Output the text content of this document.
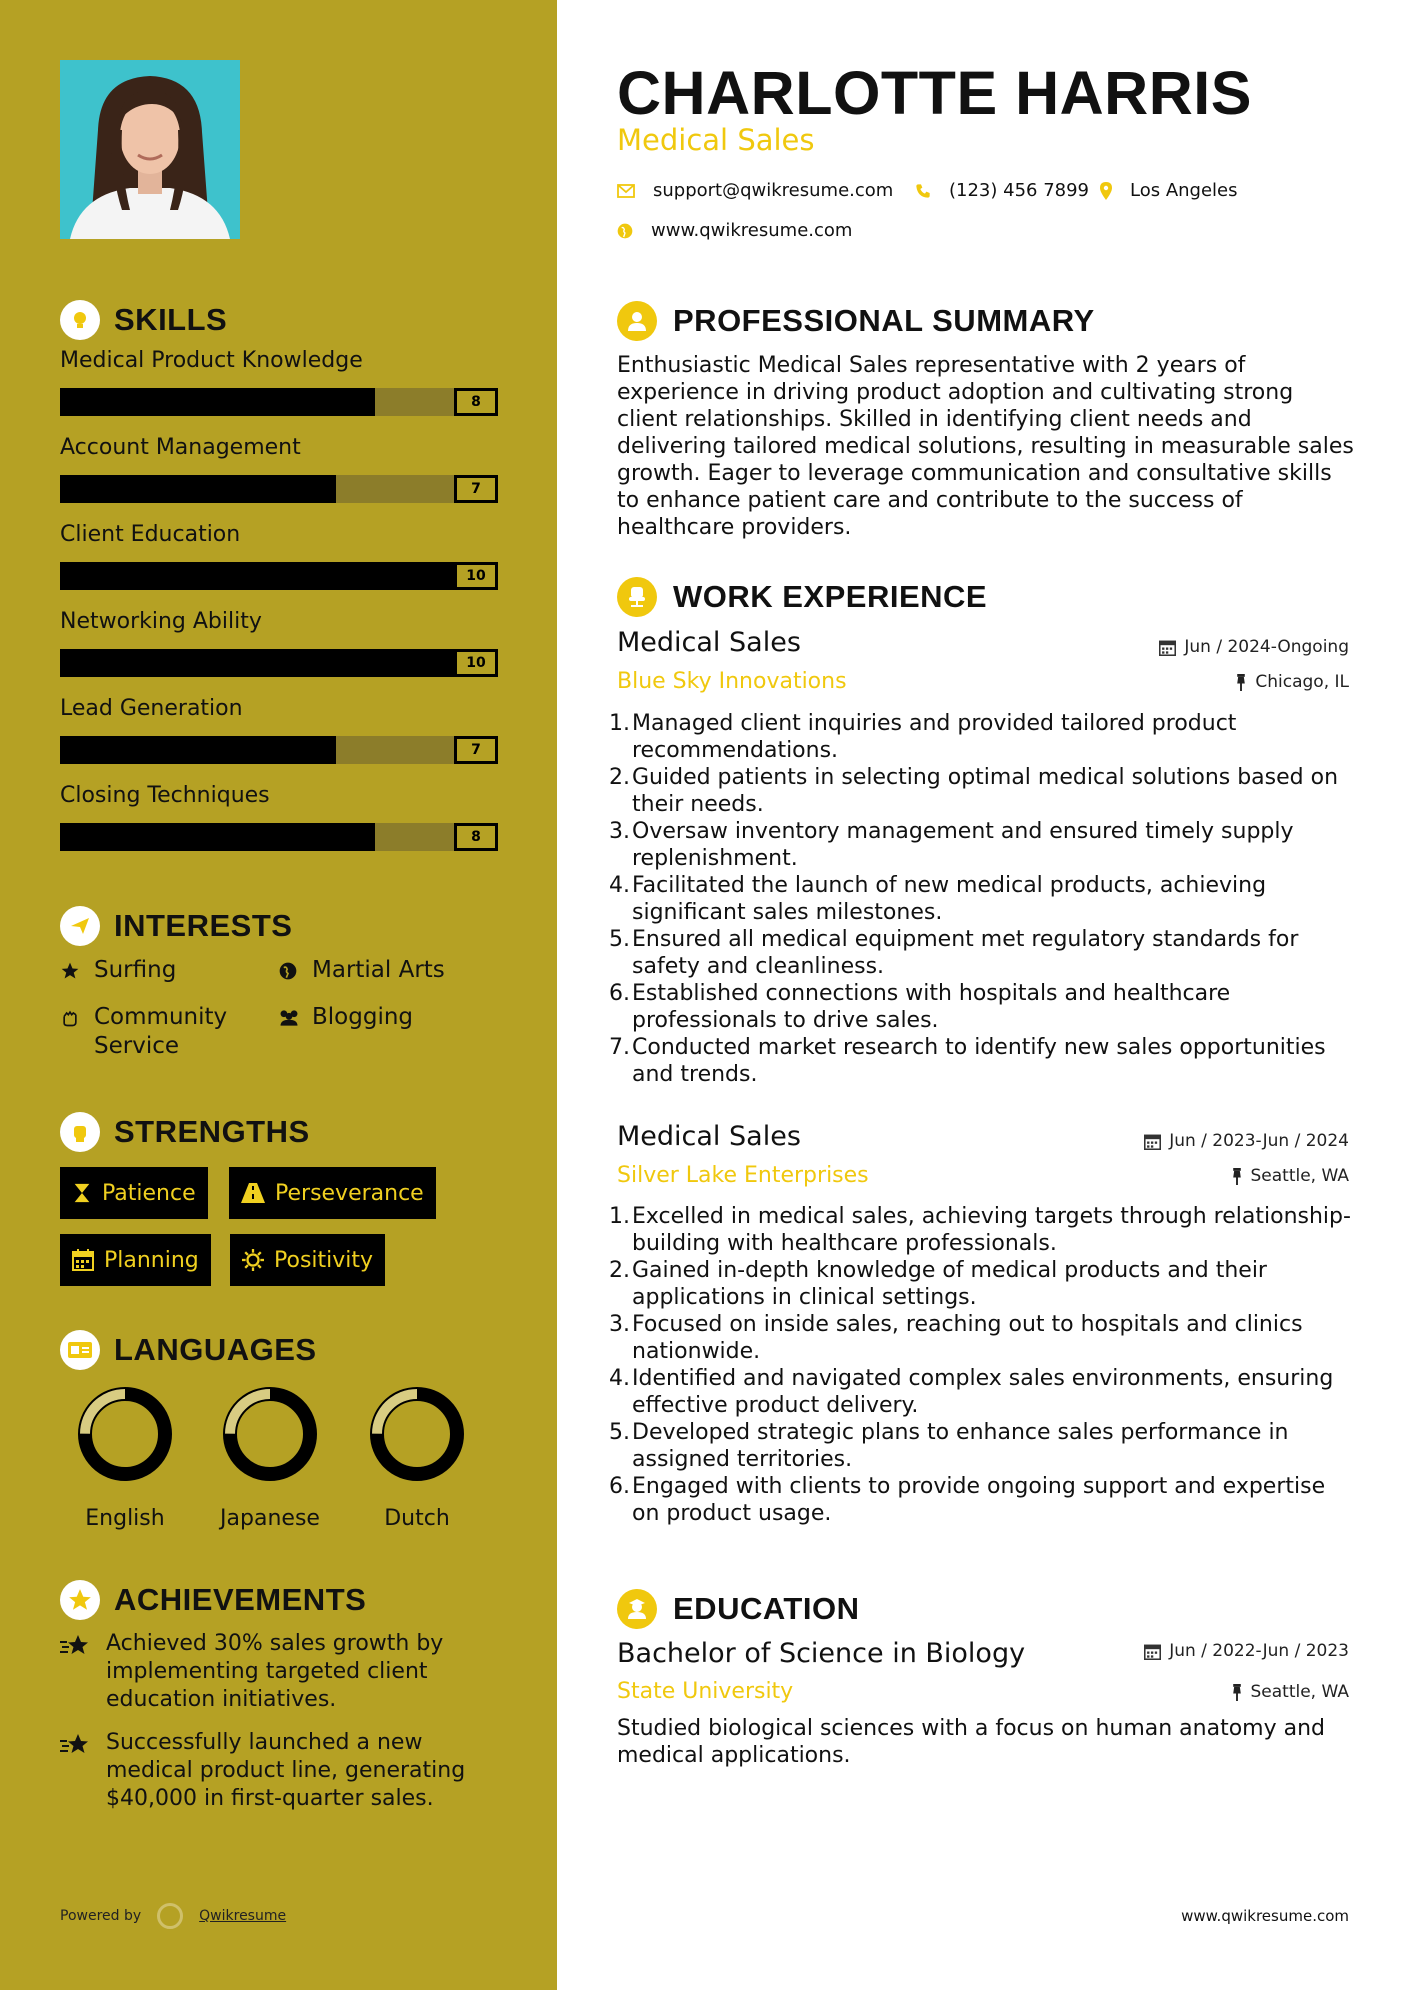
SKILLS
Medical Product Knowledge
8
Account Management
7
Client Education
10
Networking Ability
10
Lead Generation
7
Closing Techniques
8
INTERESTS
Surfing	Martial Arts
Community Service
Blogging
STRENGTHS
Patience	Perseverance
Planning	Positivity
LANGUAGES
English	Japanese	Dutch
ACHIEVEMENTS
Achieved 30% sales growth by implementing targeted client education initiatives.
Successfully launched a new medical product line, generating $40,000 in first-quarter sales.
Powered by	Qwikresume
CHARLOTTE HARRIS
Medical Sales
support@qwikresume.com	(123) 456 7899 Los Angeles
www.qwikresume.com
PROFESSIONAL SUMMARY
Enthusiastic Medical Sales representative with 2 years of experience in driving product adoption and cultivating strong client relationships. Skilled in identifying client needs and delivering tailored medical solutions, resulting in measurable sales growth. Eager to leverage communication and consultative skills to enhance patient care and contribute to the success of healthcare providers.
WORK EXPERIENCE
Medical Sales	Jun / 2024-Ongoing
Blue Sky Innovations	Chicago, IL
1. Managed client inquiries and provided tailored product recommendations.
2. Guided patients in selecting optimal medical solutions based on their needs.
3. Oversaw inventory management and ensured timely supply replenishment.
4. Facilitated the launch of new medical products, achieving significant sales milestones.
5. Ensured all medical equipment met regulatory standards for safety and cleanliness.
6. Established connections with hospitals and healthcare professionals to drive sales.
7. Conducted market research to identify new sales opportunities and trends.
Medical Sales	Jun / 2023-Jun / 2024
Silver Lake Enterprises	Seattle, WA
1. Excelled in medical sales, achieving targets through relationship-building with healthcare professionals.
2. Gained in-depth knowledge of medical products and their applications in clinical settings.
3. Focused on inside sales, reaching out to hospitals and clinics nationwide.
4. Identified and navigated complex sales environments, ensuring effective product delivery.
5. Developed strategic plans to enhance sales performance in assigned territories.
6. Engaged with clients to provide ongoing support and expertise on product usage.
EDUCATION
Bachelor of Science in Biology	Jun / 2022-Jun / 2023
State University	Seattle, WA
Studied biological sciences with a focus on human anatomy and medical applications.
www.qwikresume.com
